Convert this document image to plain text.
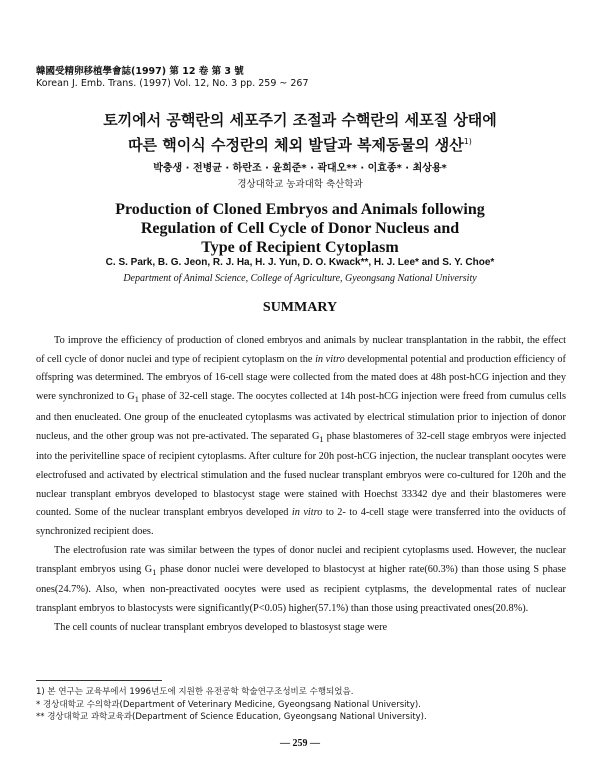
韓國受精卵移植學會誌(1997) 第 12 卷 第 3 號
Korean J. Emb. Trans. (1997) Vol. 12, No. 3 pp. 259 ~ 267
토끼에서 공핵란의 세포주기 조절과 수핵란의 세포질 상태에
따른 핵이식 수정란의 체외 발달과 복제동물의 생산$^{1)}$
박충생 · 전병균 · 하란조 · 윤희준* · 곽대오** · 이효종* · 최상용*
경상대학교 농과대학 축산학과
Production of Cloned Embryos and Animals following
Regulation of Cell Cycle of Donor Nucleus and
Type of Recipient Cytoplasm
C. S. Park, B. G. Jeon, R. J. Ha, H. J. Yun, D. O. Kwack**, H. J. Lee* and S. Y. Choe*
Department of Animal Science, College of Agriculture, Gyeongsang National University
SUMMARY

To improve the efficiency of production of cloned embryos and animals by nuclear transplantation in the rabbit, the effect of cell cycle of donor nuclei and type of recipient cytoplasm on the in vitro developmental potential and production efficiency of offspring was determined. The embryos of 16-cell stage were collected from the mated does at 48h post-hCG injection and they were synchronized to $G_1$ phase of 32-cell stage. The oocytes collected at 14h post-hCG injection were freed from cumulus cells and then enucleated. One group of the enucleated cytoplasms was activated by electrical stimulation prior to injection of donor nucleus, and the other group was not pre-activated. The separated $G_1$ phase blastomeres of 32-cell stage embryos were injected into the perivitelline space of recipient cytoplasms. After culture for 20h post-hCG injection, the nuclear transplant oocytes were electrofused and activated by electrical stimulation and the fused nuclear transplant embryos were co-cultured for 120h and the nuclear transplant embryos developed to blastocyst stage were stained with Hoechst 33342 dye and their blastomeres were counted. Some of the nuclear transplant embryos developed in vitro to 2- to 4-cell stage were transferred into the oviducts of synchronized recipient does.

The electrofusion rate was similar between the types of donor nuclei and recipient cytoplasms used. However, the nuclear transplant embryos using $G_1$ phase donor nuclei were developed to blastocyst at higher rate(60.3%) than those using S phase ones(24.7%). Also, when non-preactivated oocytes were used as recipient cytplasms, the developmental rates of nuclear transplant embryos to blastocysts were significantly(P<0.05) higher(57.1%) than those using preactivated ones(20.8%).

The cell counts of nuclear transplant embryos developed to blastosyst stage were

1) 본 연구는 교육부에서 1996년도에 지원한 유전공학 학술연구조성비로 수행되었음.
* 경상대학교 수의학과(Department of Veterinary Medicine, Gyeongsang National University).
** 경상대학교 과학교육과(Department of Science Education, Gyeongsang National University).
— 259 —
